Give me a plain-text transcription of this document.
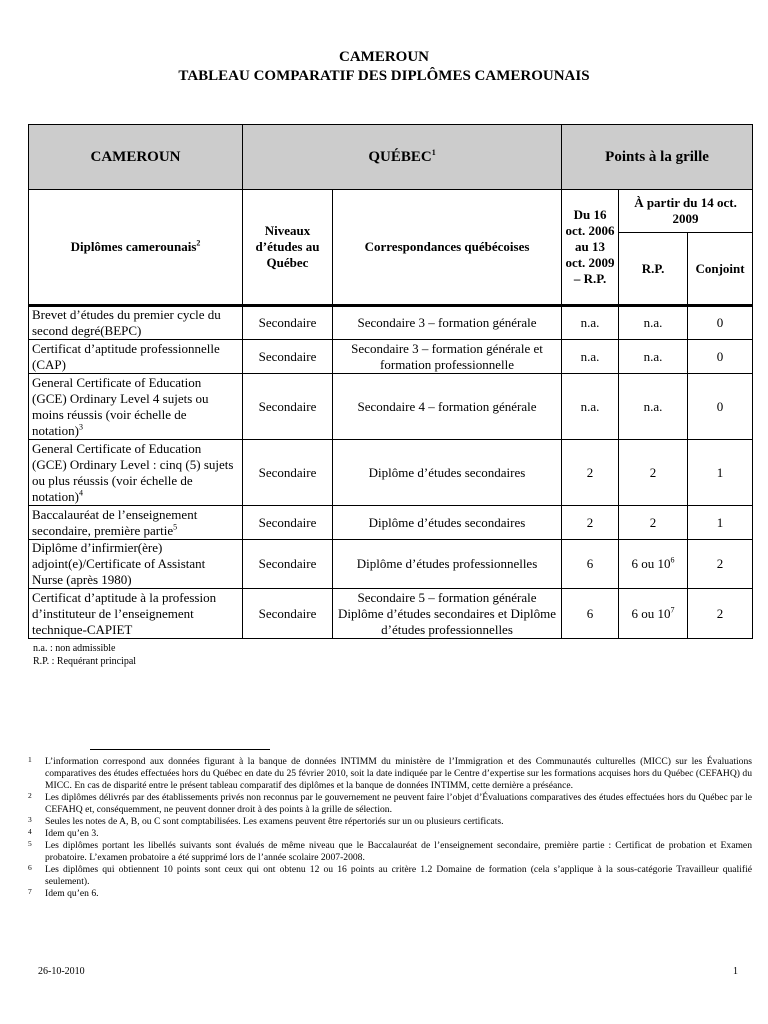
CAMEROUN
TABLEAU COMPARATIF DES DIPLÔMES CAMEROUNAIS
CAMEROUN	QUÉBEC$^1$		Points à la grille		
Diplômes camerounais$^2$	Niveaux d’études au Québec	Correspondances québécoises	Du 16 oct. 2006 au 13 oct. 2009 – R.P.	À partir du 14 oct. 2009	
				R.P.	Conjoint
Brevet d’études du premier cycle du second degré(BEPC)	Secondaire	Secondaire 3 – formation générale	n.a.	n.a.	0
Certificat d’aptitude professionnelle (CAP)	Secondaire	Secondaire 3 – formation générale et formation professionnelle	n.a.	n.a.	0
General Certificate of Education (GCE) Ordinary Level 4 sujets ou moins réussis (voir échelle de notation)$^3$	Secondaire	Secondaire 4 – formation générale	n.a.	n.a.	0
General Certificate of Education (GCE) Ordinary Level : cinq (5) sujets ou plus réussis (voir échelle de notation)$^4$	Secondaire	Diplôme d’études secondaires	2	2	1
Baccalauréat de l’enseignement secondaire, première partie$^5$	Secondaire	Diplôme d’études secondaires	2	2	1
Diplôme d’infirmier(ère) adjoint(e)/Certificate of Assistant Nurse (après 1980)	Secondaire	Diplôme d’études professionnelles	6	6 ou $10^6$	2
Certificat d’aptitude à la profession d’instituteur de l’enseignement technique-CAPIET	Secondaire	Secondaire 5 – formation générale Diplôme d’études secondaires et Diplôme d’études professionnelles	6	6 ou $10^7$	2
n.a. : non admissible
R.P. : Requérant principal
1 L’information correspond aux données figurant à la banque de données INTIMM du ministère de l’Immigration et des Communautés culturelles (MICC) sur les Évaluations comparatives des études effectuées hors du Québec en date du 25 février 2010, soit la date indiquée par le Centre d’expertise sur les formations acquises hors du Québec (CEFAHQ) du MICC. En cas de disparité entre le présent tableau comparatif des diplômes et la banque de données INTIMM, cette dernière a préséance.
2 Les diplômes délivrés par des établissements privés non reconnus par le gouvernement ne peuvent faire l’objet d’Évaluations comparatives des études effectuées hors du Québec par le CEFAHQ et, conséquemment, ne peuvent donner droit à des points à la grille de sélection.
3 Seules les notes de A, B, ou C sont comptabilisées. Les examens peuvent être répertoriés sur un ou plusieurs certificats.
4 Idem qu’en 3.
5 Les diplômes portant les libellés suivants sont évalués de même niveau que le Baccalauréat de l’enseignement secondaire, première partie : Certificat de probation et Examen probatoire. L’examen probatoire a été supprimé lors de l’année scolaire 2007-2008.
6 Les diplômes qui obtiennent 10 points sont ceux qui ont obtenu 12 ou 16 points au critère 1.2 Domaine de formation (cela s’applique à la sous-catégorie Travailleur qualifié seulement).
7 Idem qu’en 6.
26-10-2010	1
